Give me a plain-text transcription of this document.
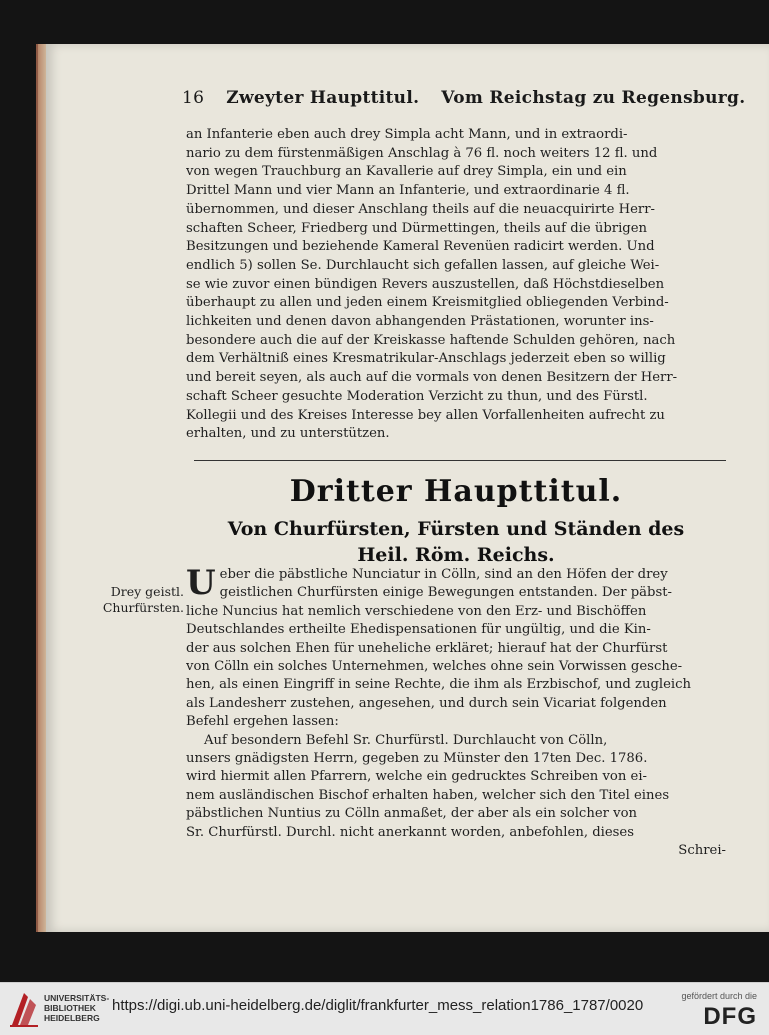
16 Zweyter Haupttitul. Vom Reichstag zu Regensburg.
an Infanterie eben auch drey Simpla acht Mann, und in extraordi-
nario zu dem fürstenmäßigen Anschlag à 76 fl. noch weiters 12 fl. und
von wegen Trauchburg an Kavallerie auf drey Simpla, ein und ein
Drittel Mann und vier Mann an Infanterie, und extraordinarie 4 fl.
übernommen, und dieser Anschlang theils auf die neuacquirirte Herr-
schaften Scheer, Friedberg und Dürmettingen, theils auf die übrigen
Besitzungen und beziehende Kameral Revenüen radicirt werden. Und
endlich 5) sollen Se. Durchlaucht sich gefallen lassen, auf gleiche Wei-
se wie zuvor einen bündigen Revers auszustellen, daß Höchstdieselben
überhaupt zu allen und jeden einem Kreismitglied obliegenden Verbind-
lichkeiten und denen davon abhangenden Prästationen, worunter ins-
besondere auch die auf der Kreiskasse haftende Schulden gehören, nach
dem Verhältniß eines Kresmatrikular-Anschlags jederzeit eben so willig
und bereit seyen, als auch auf die vormals von denen Besitzern der Herr-
schaft Scheer gesuchte Moderation Verzicht zu thun, und des Fürstl.
Kollegii und des Kreises Interesse bey allen Vorfallenheiten aufrecht zu
erhalten, und zu unterstützen.
Dritter Haupttitul.
Von Churfürsten, Fürsten und Ständen des
Heil. Röm. Reichs.
Drey geistl.
Churfürsten.
U eber die päbstliche Nunciatur in Cölln, sind an den Höfen der drey
geistlichen Churfürsten einige Bewegungen entstanden. Der päbst-
liche Nuncius hat nemlich verschiedene von den Erz- und Bischöffen
Deutschlandes ertheilte Ehedispensationen für ungültig, und die Kin-
der aus solchen Ehen für uneheliche erkläret; hierauf hat der Churfürst
von Cölln ein solches Unternehmen, welches ohne sein Vorwissen gesche-
hen, als einen Eingriff in seine Rechte, die ihm als Erzbischof, und zugleich
als Landesherr zustehen, angesehen, und durch sein Vicariat folgenden
Befehl ergehen lassen:
Auf besondern Befehl Sr. Churfürstl. Durchlaucht von Cölln,
unsers gnädigsten Herrn, gegeben zu Münster den 17ten Dec. 1786.
wird hiermit allen Pfarrern, welche ein gedrucktes Schreiben von ei-
nem ausländischen Bischof erhalten haben, welcher sich den Titel eines
päbstlichen Nuntius zu Cölln anmaßet, der aber als ein solcher von
Sr. Churfürstl. Durchl. nicht anerkannt worden, anbefohlen, dieses
Schrei-
UNIVERSITÄTS-
BIBLIOTHEK
HEIDELBERG
https://digi.ub.uni-heidelberg.de/diglit/frankfurter_mess_relation1786_1787/0020
gefördert durch die
DFG
